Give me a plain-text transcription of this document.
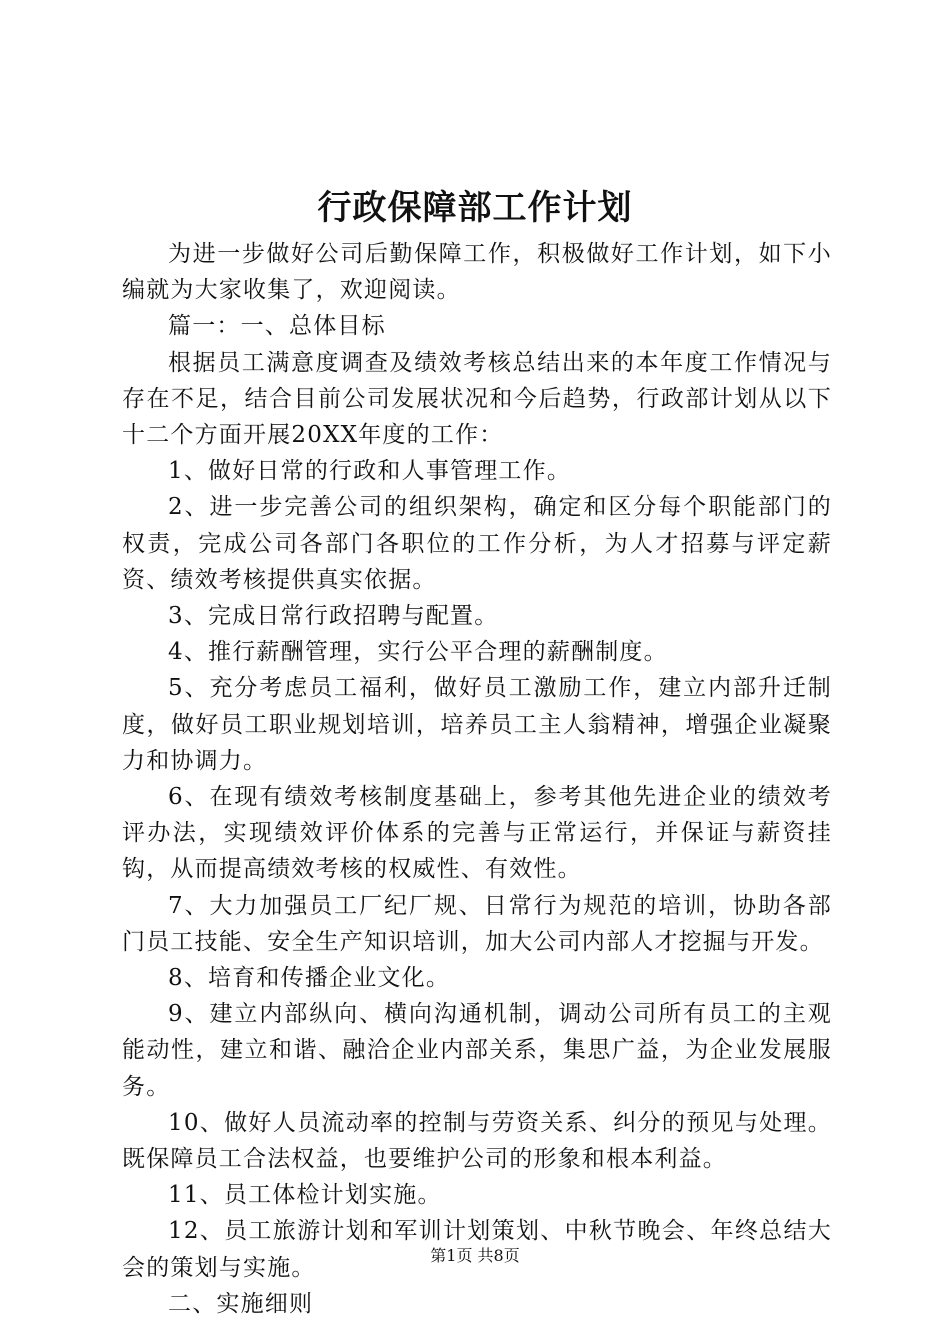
行政保障部工作计划

为进一步做好公司后勤保障工作，积极做好工作计划，如下小编就为大家收集了，欢迎阅读。

篇一：一、总体目标

根据员工满意度调查及绩效考核总结出来的本年度工作情况与存在不足，结合目前公司发展状况和今后趋势，行政部计划从以下十二个方面开展20XX年度的工作：

1、做好日常的行政和人事管理工作。

2、进一步完善公司的组织架构，确定和区分每个职能部门的权责，完成公司各部门各职位的工作分析，为人才招募与评定薪资、绩效考核提供真实依据。

3、完成日常行政招聘与配置。

4、推行薪酬管理，实行公平合理的薪酬制度。

5、充分考虑员工福利，做好员工激励工作，建立内部升迁制度，做好员工职业规划培训，培养员工主人翁精神，增强企业凝聚力和协调力。

6、在现有绩效考核制度基础上，参考其他先进企业的绩效考评办法，实现绩效评价体系的完善与正常运行，并保证与薪资挂钩，从而提高绩效考核的权威性、有效性。

7、大力加强员工厂纪厂规、日常行为规范的培训，协助各部门员工技能、安全生产知识培训，加大公司内部人才挖掘与开发。

8、培育和传播企业文化。

9、建立内部纵向、横向沟通机制，调动公司所有员工的主观能动性，建立和谐、融洽企业内部关系，集思广益，为企业发展服务。

10、做好人员流动率的控制与劳资关系、纠分的预见与处理。既保障员工合法权益，也要维护公司的形象和根本利益。

11、员工体检计划实施。

12、员工旅游计划和军训计划策划、中秋节晚会、年终总结大会的策划与实施。

二、实施细则

第1页 共8页
